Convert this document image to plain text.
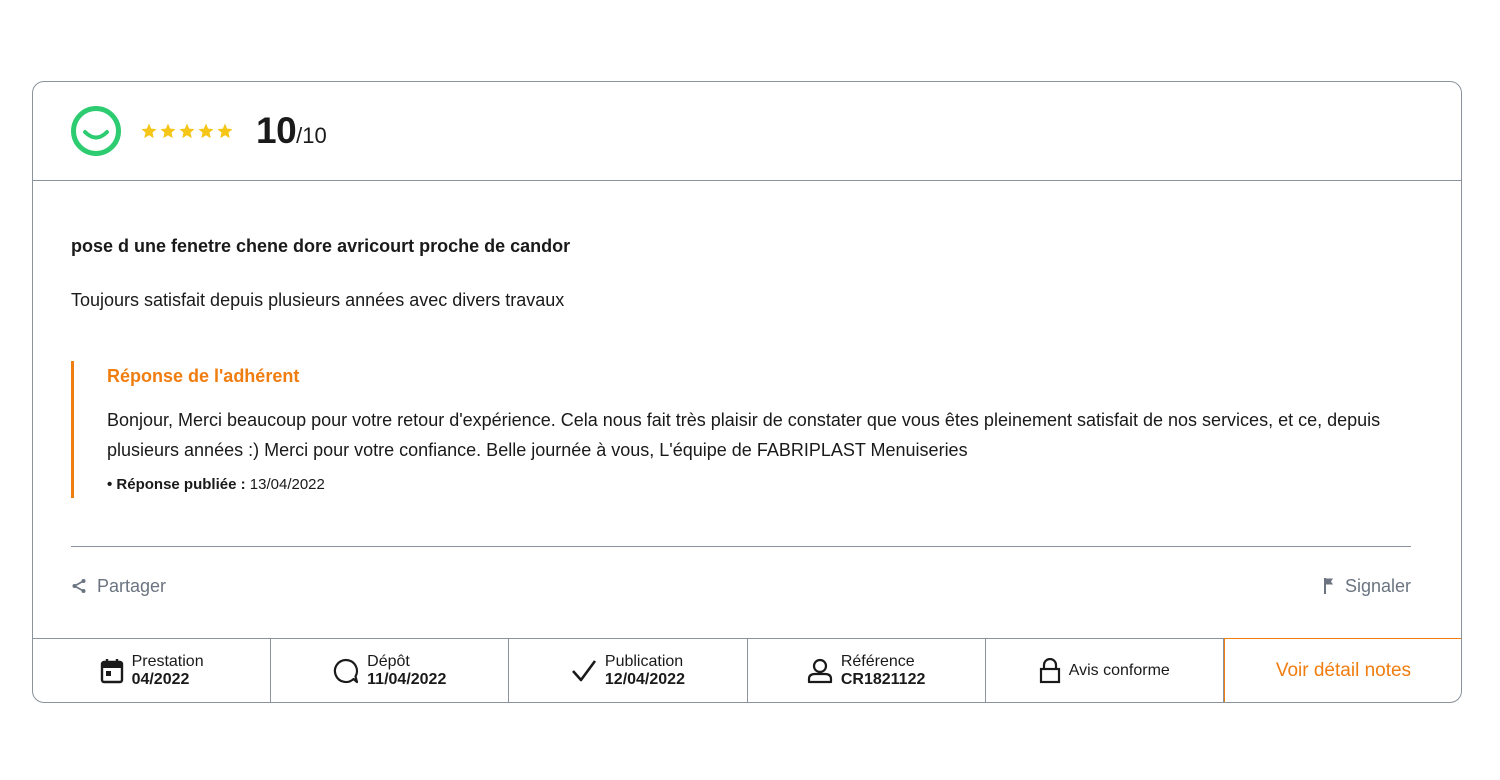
10 /10
pose d une fenetre chene dore avricourt proche de candor
Toujours satisfait depuis plusieurs années avec divers travaux
Réponse de l'adhérent
Bonjour, Merci beaucoup pour votre retour d'expérience. Cela nous fait très plaisir de constater que vous êtes pleinement satisfait de nos services, et ce, depuis plusieurs années :) Merci pour votre confiance. Belle journée à vous, L'équipe de FABRIPLAST Menuiseries
• Réponse publiée : 13/04/2022
Partager	Signaler
Prestation
04/2022
Dépôt
11/04/2022
Publication
12/04/2022
Référence
CR1821122
Avis conforme	Voir détail notes
